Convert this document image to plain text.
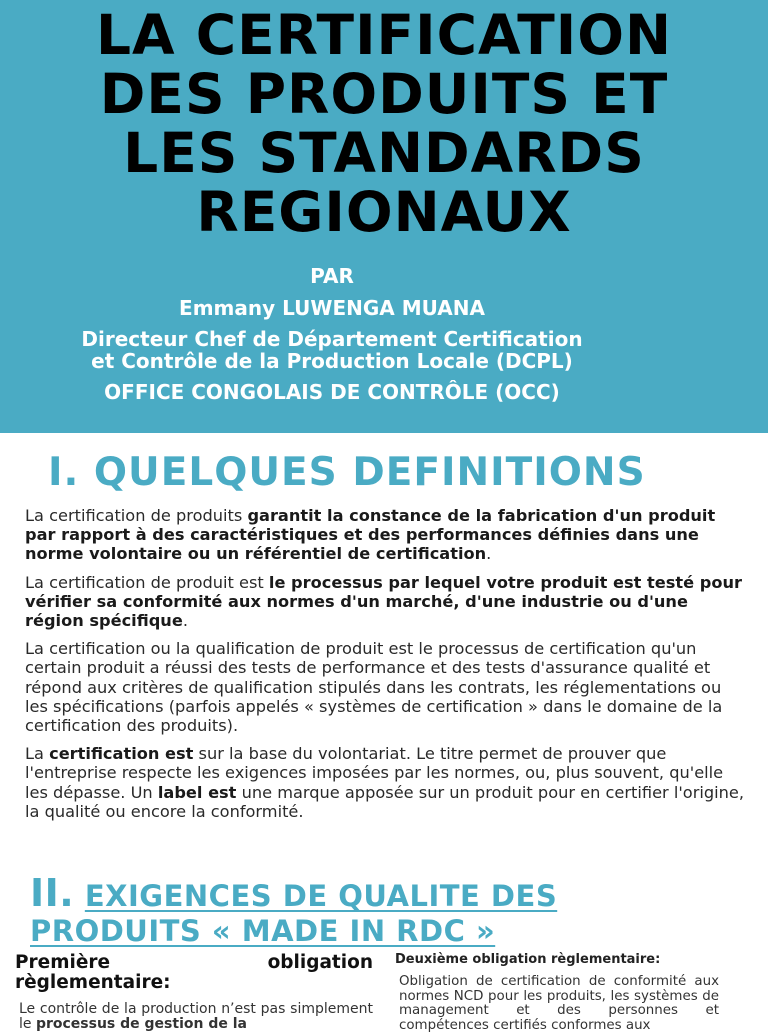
LA CERTIFICATION
DES PRODUITS ET
LES STANDARDS
REGIONAUX

PAR

Emmany LUWENGA MUANA

Directeur Chef de Département Certification

et Contrôle de la Production Locale (DCPL)

OFFICE CONGOLAIS DE CONTRÔLE (OCC)

I. QUELQUES DEFINITIONS

La certification de produits garantit la constance de la fabrication d'un produit par rapport à des caractéristiques et des performances définies dans une norme volontaire ou un référentiel de certification.

La certification de produit est le processus par lequel votre produit est testé pour vérifier sa conformité aux normes d'un marché, d'une industrie ou d'une région spécifique.

La certification ou la qualification de produit est le processus de certification qu'un certain produit a réussi des tests de performance et des tests d'assurance qualité et répond aux critères de qualification stipulés dans les contrats, les réglementations ou les spécifications (parfois appelés « systèmes de certification » dans le domaine de la certification des produits).

La certification est sur la base du volontariat. Le titre permet de prouver que l'entreprise respecte les exigences imposées par les normes, ou, plus souvent, qu'elle les dépasse. Un label est une marque apposée sur un produit pour en certifier l'origine, la qualité ou encore la conformité.

II. EXIGENCES DE QUALITE DES
PRODUITS « MADE IN RDC »
Première obligation
règlementaire:

Le contrôle de la production n’est pas simplement le processus de gestion de la

Deuxième obligation règlementaire:

Obligation de certification de conformité aux normes NCD pour les produits, les systèmes de management et des personnes et compétences certifiés conformes aux
